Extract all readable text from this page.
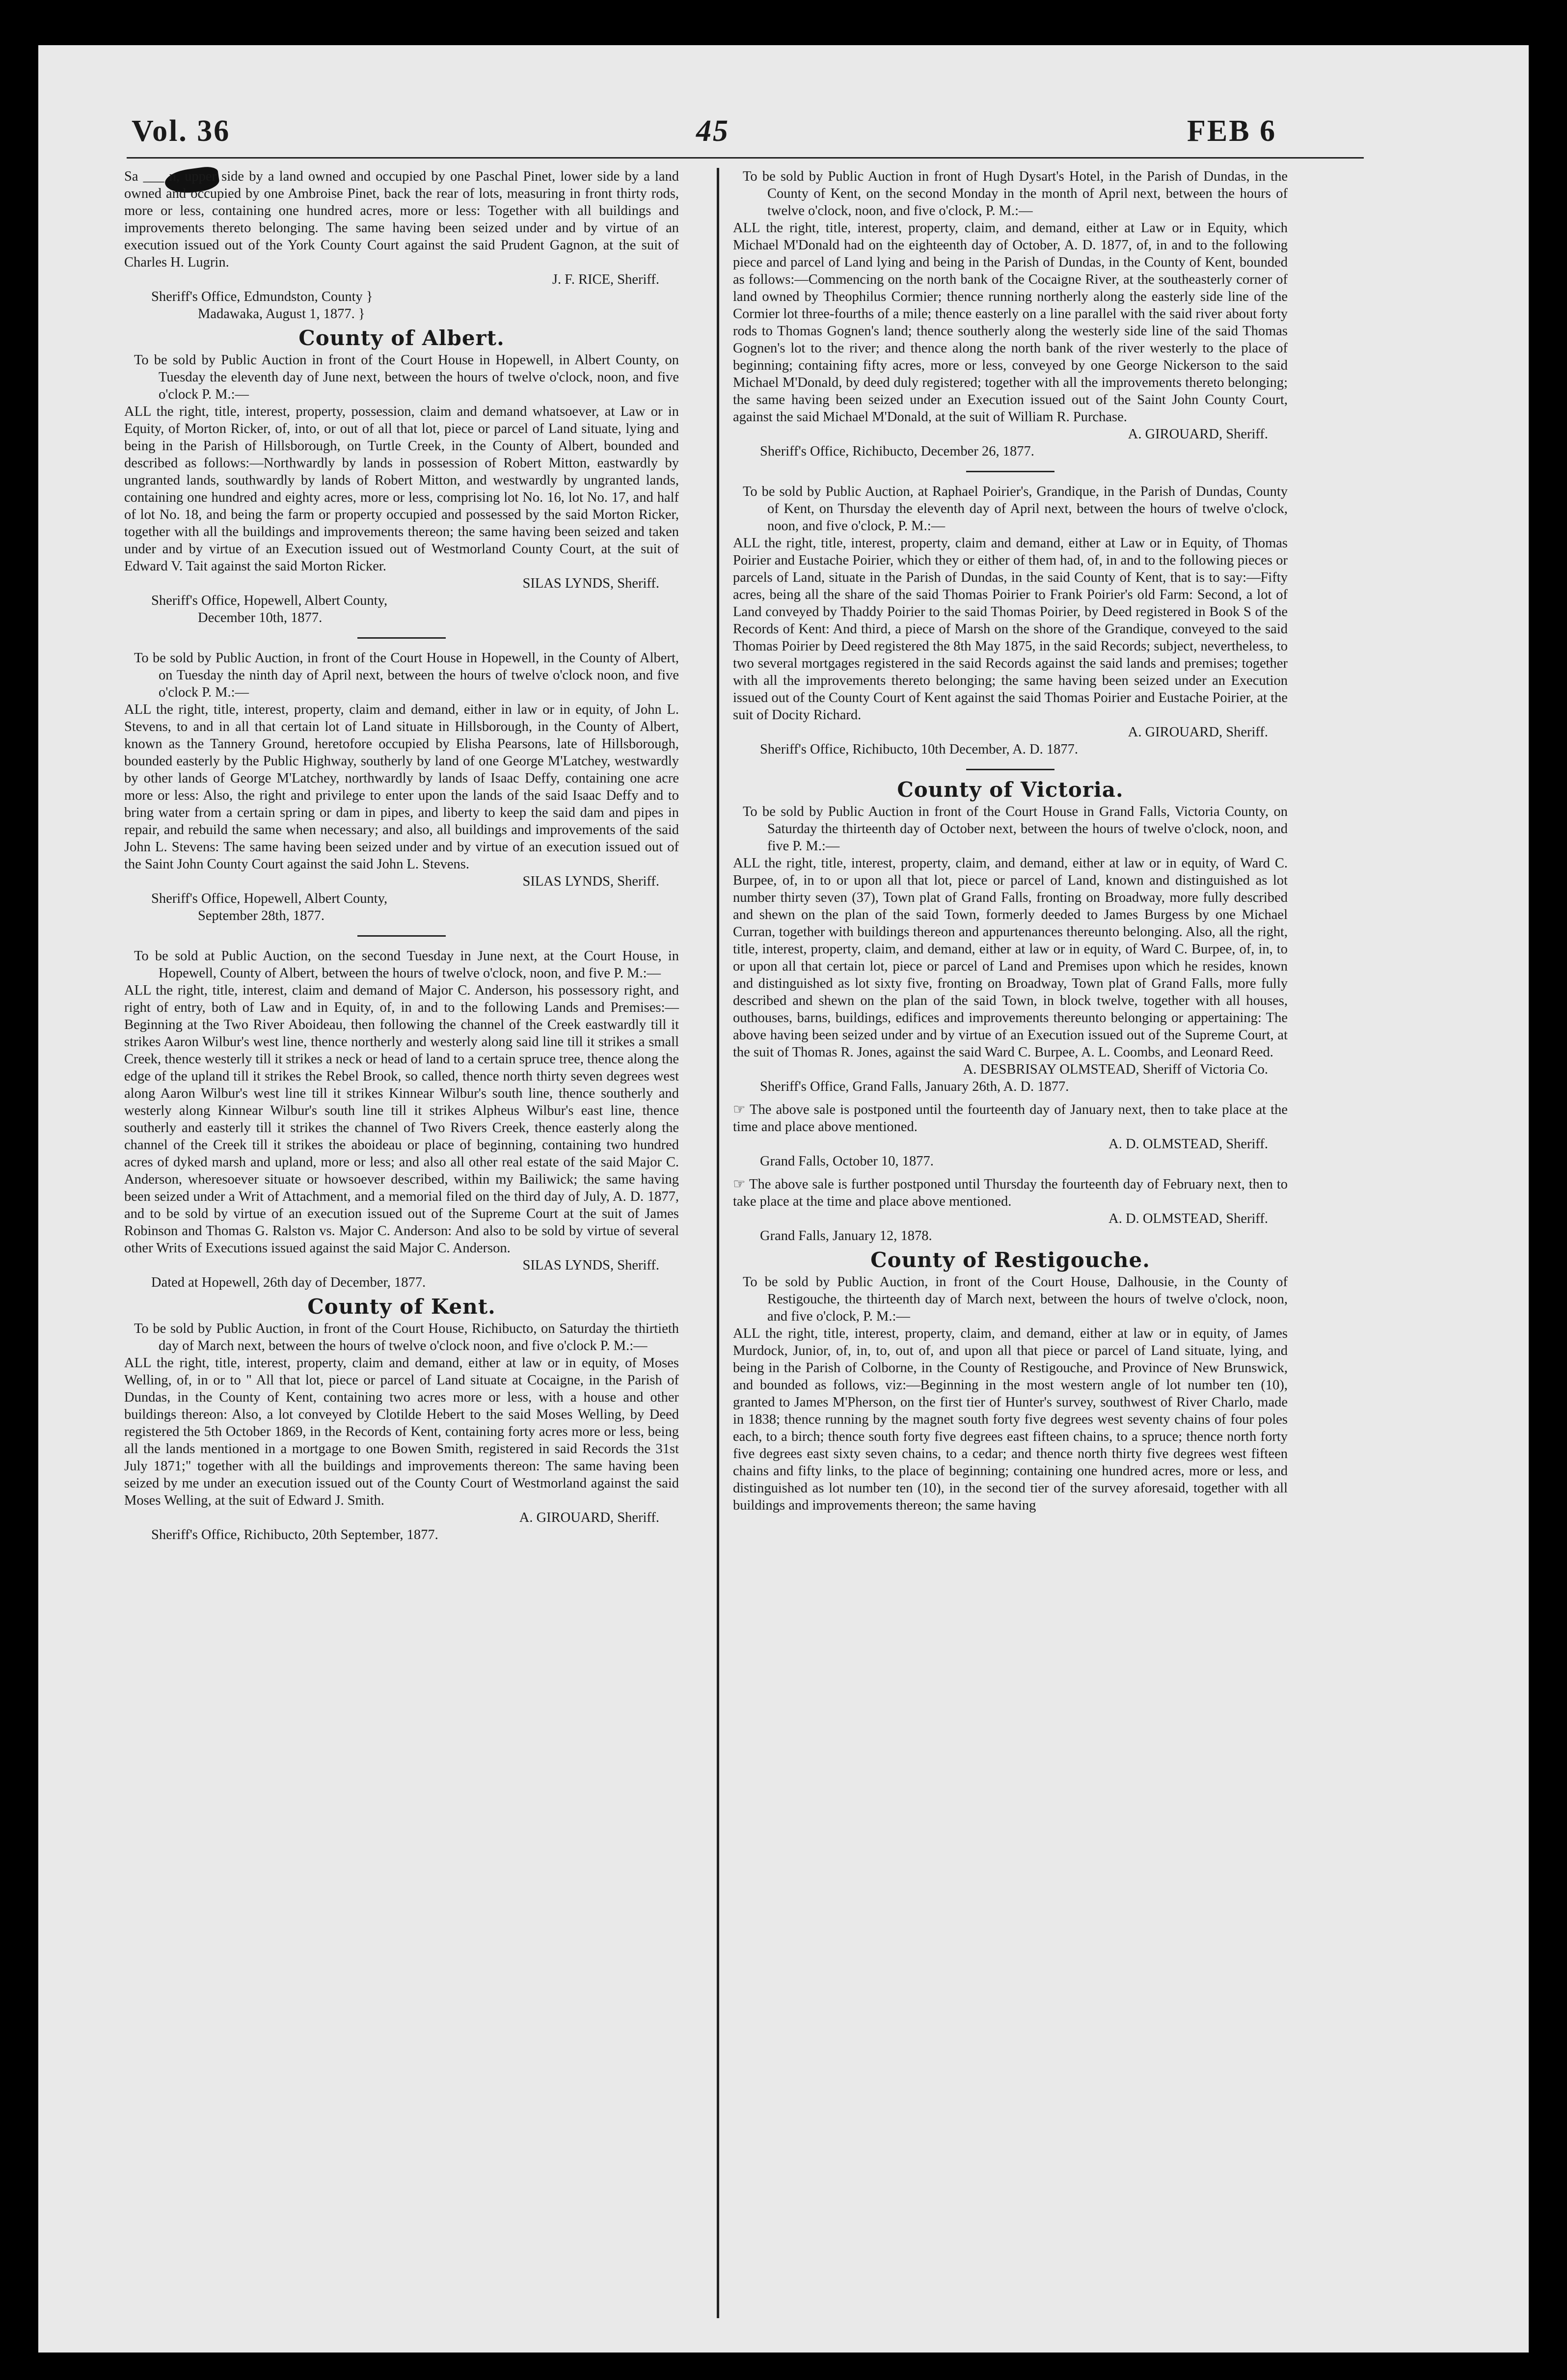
Vol. 36	45	FEB 6

Sa ___ n, upper side by a land owned and occupied by one Paschal Pinet, lower side by a land owned and occupied by one Ambroise Pinet, back the rear of lots, measuring in front thirty rods, more or less, containing one hundred acres, more or less: Together with all buildings and improvements thereto belonging. The same having been seized under and by virtue of an execution issued out of the York County Court against the said Prudent Gagnon, at the suit of Charles H. Lugrin.

J. F. RICE, Sheriff.

Sheriff's Office, Edmundston, County }

Madawaka, August 1, 1877. }

County of Albert.

To be sold by Public Auction in front of the Court House in Hopewell, in Albert County, on Tuesday the eleventh day of June next, between the hours of twelve o'clock, noon, and five o'clock P. M.:—

ALL the right, title, interest, property, possession, claim and demand whatsoever, at Law or in Equity, of Morton Ricker, of, into, or out of all that lot, piece or parcel of Land situate, lying and being in the Parish of Hillsborough, on Turtle Creek, in the County of Albert, bounded and described as follows:—Northwardly by lands in possession of Robert Mitton, eastwardly by ungranted lands, southwardly by lands of Robert Mitton, and westwardly by ungranted lands, containing one hundred and eighty acres, more or less, comprising lot No. 16, lot No. 17, and half of lot No. 18, and being the farm or property occupied and possessed by the said Morton Ricker, together with all the buildings and improvements thereon; the same having been seized and taken under and by virtue of an Execution issued out of Westmorland County Court, at the suit of Edward V. Tait against the said Morton Ricker.

SILAS LYNDS, Sheriff.

Sheriff's Office, Hopewell, Albert County,

December 10th, 1877.

To be sold by Public Auction, in front of the Court House in Hopewell, in the County of Albert, on Tuesday the ninth day of April next, between the hours of twelve o'clock noon, and five o'clock P. M.:—

ALL the right, title, interest, property, claim and demand, either in law or in equity, of John L. Stevens, to and in all that certain lot of Land situate in Hillsborough, in the County of Albert, known as the Tannery Ground, heretofore occupied by Elisha Pearsons, late of Hillsborough, bounded easterly by the Public Highway, southerly by land of one George M'Latchey, westwardly by other lands of George M'Latchey, northwardly by lands of Isaac Deffy, containing one acre more or less: Also, the right and privilege to enter upon the lands of the said Isaac Deffy and to bring water from a certain spring or dam in pipes, and liberty to keep the said dam and pipes in repair, and rebuild the same when necessary; and also, all buildings and improvements of the said John L. Stevens: The same having been seized under and by virtue of an execution issued out of the Saint John County Court against the said John L. Stevens.

SILAS LYNDS, Sheriff.

Sheriff's Office, Hopewell, Albert County,

September 28th, 1877.

To be sold at Public Auction, on the second Tuesday in June next, at the Court House, in Hopewell, County of Albert, between the hours of twelve o'clock, noon, and five P. M.:—

ALL the right, title, interest, claim and demand of Major C. Anderson, his possessory right, and right of entry, both of Law and in Equity, of, in and to the following Lands and Premises:—Beginning at the Two River Aboideau, then following the channel of the Creek eastwardly till it strikes Aaron Wilbur's west line, thence northerly and westerly along said line till it strikes a small Creek, thence westerly till it strikes a neck or head of land to a certain spruce tree, thence along the edge of the upland till it strikes the Rebel Brook, so called, thence north thirty seven degrees west along Aaron Wilbur's west line till it strikes Kinnear Wilbur's south line, thence southerly and westerly along Kinnear Wilbur's south line till it strikes Alpheus Wilbur's east line, thence southerly and easterly till it strikes the channel of Two Rivers Creek, thence easterly along the channel of the Creek till it strikes the aboideau or place of beginning, containing two hundred acres of dyked marsh and upland, more or less; and also all other real estate of the said Major C. Anderson, wheresoever situate or howsoever described, within my Bailiwick; the same having been seized under a Writ of Attachment, and a memorial filed on the third day of July, A. D. 1877, and to be sold by virtue of an execution issued out of the Supreme Court at the suit of James Robinson and Thomas G. Ralston vs. Major C. Anderson: And also to be sold by virtue of several other Writs of Executions issued against the said Major C. Anderson.

SILAS LYNDS, Sheriff.

Dated at Hopewell, 26th day of December, 1877.

County of Kent.

To be sold by Public Auction, in front of the Court House, Richibucto, on Saturday the thirtieth day of March next, between the hours of twelve o'clock noon, and five o'clock P. M.:—

ALL the right, title, interest, property, claim and demand, either at law or in equity, of Moses Welling, of, in or to " All that lot, piece or parcel of Land situate at Cocaigne, in the Parish of Dundas, in the County of Kent, containing two acres more or less, with a house and other buildings thereon: Also, a lot conveyed by Clotilde Hebert to the said Moses Welling, by Deed registered the 5th October 1869, in the Records of Kent, containing forty acres more or less, being all the lands mentioned in a mortgage to one Bowen Smith, registered in said Records the 31st July 1871;" together with all the buildings and improvements thereon: The same having been seized by me under an execution issued out of the County Court of Westmorland against the said Moses Welling, at the suit of Edward J. Smith.

A. GIROUARD, Sheriff.

Sheriff's Office, Richibucto, 20th September, 1877.

To be sold by Public Auction in front of Hugh Dysart's Hotel, in the Parish of Dundas, in the County of Kent, on the second Monday in the month of April next, between the hours of twelve o'clock, noon, and five o'clock, P. M.:—

ALL the right, title, interest, property, claim, and demand, either at Law or in Equity, which Michael M'Donald had on the eighteenth day of October, A. D. 1877, of, in and to the following piece and parcel of Land lying and being in the Parish of Dundas, in the County of Kent, bounded as follows:—Commencing on the north bank of the Cocaigne River, at the southeasterly corner of land owned by Theophilus Cormier; thence running northerly along the easterly side line of the Cormier lot three-fourths of a mile; thence easterly on a line parallel with the said river about forty rods to Thomas Gognen's land; thence southerly along the westerly side line of the said Thomas Gognen's lot to the river; and thence along the north bank of the river westerly to the place of beginning; containing fifty acres, more or less, conveyed by one George Nickerson to the said Michael M'Donald, by deed duly registered; together with all the improvements thereto belonging; the same having been seized under an Execution issued out of the Saint John County Court, against the said Michael M'Donald, at the suit of William R. Purchase.

A. GIROUARD, Sheriff.

Sheriff's Office, Richibucto, December 26, 1877.

To be sold by Public Auction, at Raphael Poirier's, Grandique, in the Parish of Dundas, County of Kent, on Thursday the eleventh day of April next, between the hours of twelve o'clock, noon, and five o'clock, P. M.:—

ALL the right, title, interest, property, claim and demand, either at Law or in Equity, of Thomas Poirier and Eustache Poirier, which they or either of them had, of, in and to the following pieces or parcels of Land, situate in the Parish of Dundas, in the said County of Kent, that is to say:—Fifty acres, being all the share of the said Thomas Poirier to Frank Poirier's old Farm: Second, a lot of Land conveyed by Thaddy Poirier to the said Thomas Poirier, by Deed registered in Book S of the Records of Kent: And third, a piece of Marsh on the shore of the Grandique, conveyed to the said Thomas Poirier by Deed registered the 8th May 1875, in the said Records; subject, nevertheless, to two several mortgages registered in the said Records against the said lands and premises; together with all the improvements thereto belonging; the same having been seized under an Execution issued out of the County Court of Kent against the said Thomas Poirier and Eustache Poirier, at the suit of Docity Richard.

A. GIROUARD, Sheriff.

Sheriff's Office, Richibucto, 10th December, A. D. 1877.

County of Victoria.

To be sold by Public Auction in front of the Court House in Grand Falls, Victoria County, on Saturday the thirteenth day of October next, between the hours of twelve o'clock, noon, and five P. M.:—

ALL the right, title, interest, property, claim, and demand, either at law or in equity, of Ward C. Burpee, of, in to or upon all that lot, piece or parcel of Land, known and distinguished as lot number thirty seven (37), Town plat of Grand Falls, fronting on Broadway, more fully described and shewn on the plan of the said Town, formerly deeded to James Burgess by one Michael Curran, together with buildings thereon and appurtenances thereunto belonging. Also, all the right, title, interest, property, claim, and demand, either at law or in equity, of Ward C. Burpee, of, in, to or upon all that certain lot, piece or parcel of Land and Premises upon which he resides, known and distinguished as lot sixty five, fronting on Broadway, Town plat of Grand Falls, more fully described and shewn on the plan of the said Town, in block twelve, together with all houses, outhouses, barns, buildings, edifices and improvements thereunto belonging or appertaining: The above having been seized under and by virtue of an Execution issued out of the Supreme Court, at the suit of Thomas R. Jones, against the said Ward C. Burpee, A. L. Coombs, and Leonard Reed.

A. DESBRISAY OLMSTEAD, Sheriff of Victoria Co.

Sheriff's Office, Grand Falls, January 26th, A. D. 1877.

☞ The above sale is postponed until the fourteenth day of January next, then to take place at the time and place above mentioned.

A. D. OLMSTEAD, Sheriff.

Grand Falls, October 10, 1877.

☞ The above sale is further postponed until Thursday the fourteenth day of February next, then to take place at the time and place above mentioned.

A. D. OLMSTEAD, Sheriff.

Grand Falls, January 12, 1878.

County of Restigouche.

To be sold by Public Auction, in front of the Court House, Dalhousie, in the County of Restigouche, the thirteenth day of March next, between the hours of twelve o'clock, noon, and five o'clock, P. M.:—

ALL the right, title, interest, property, claim, and demand, either at law or in equity, of James Murdock, Junior, of, in, to, out of, and upon all that piece or parcel of Land situate, lying, and being in the Parish of Colborne, in the County of Restigouche, and Province of New Brunswick, and bounded as follows, viz:—Beginning in the most western angle of lot number ten (10), granted to James M'Pherson, on the first tier of Hunter's survey, southwest of River Charlo, made in 1838; thence running by the magnet south forty five degrees west seventy chains of four poles each, to a birch; thence south forty five degrees east fifteen chains, to a spruce; thence north forty five degrees east sixty seven chains, to a cedar; and thence north thirty five degrees west fifteen chains and fifty links, to the place of beginning; containing one hundred acres, more or less, and distinguished as lot number ten (10), in the second tier of the survey aforesaid, together with all buildings and improvements thereon; the same having
